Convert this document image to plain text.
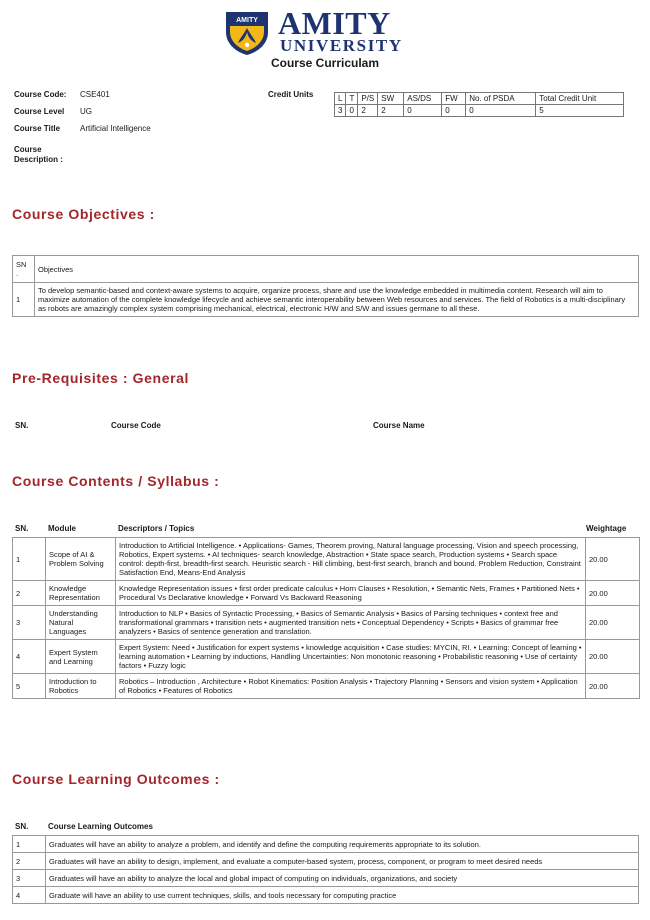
AMITY AMITY
UNIVERSITY
Course Curriculam
Course Code: CSE401
Course Level UG
Course Title Artificial Intelligence
Course
Description :
Credit Units	L	T	P/S	SW	AS/DS	FW	No. of PSDA	Total Credit Unit
3	0	2	2	0	0	0	5
Course Objectives :
SN
.	Objectives
1	To develop semantic-based and context-aware systems to acquire, organize process, share and use the knowledge embedded in multimedia content. Research will aim to maximize automation of the complete knowledge lifecycle and achieve semantic interoperability between Web resources and services. The field of Robotics is a multi-disciplinary as robots are amazingly complex system comprising mechanical, electrical, electronic H/W and S/W and issues germane to all these.
Pre-Requisites : General
SN.	Course Code	Course Name
Course Contents / Syllabus :
SN. Module	Descriptors / Topics	Weightage
1	Scope of AI & Problem Solving	Introduction to Artificial Intelligence. • Applications- Games, Theorem proving, Natural language processing, Vision and speech processing, Robotics, Expert systems. • AI techniques- search knowledge, Abstraction • State space search, Production systems • Search space control: depth-first, breadth-first search. Heuristic search - Hill climbing, best-first search, branch and bound. Problem Reduction, Constraint Satisfaction End, Means-End Analysis	20.00
2	Knowledge Representation	Knowledge Representation issues • first order predicate calculus • Horn Clauses • Resolution, • Semantic Nets, Frames • Partitioned Nets • Procedural Vs Declarative knowledge • Forward Vs Backward Reasoning	20.00
3	Understanding Natural Languages	Introduction to NLP • Basics of Syntactic Processing, • Basics of Semantic Analysis • Basics of Parsing techniques • context free and transformational grammars • transition nets • augmented transition nets • Conceptual Dependency • Scripts • Basics of grammar free analyzers • Basics of sentence generation and translation.	20.00
4	Expert System and Learning	Expert System: Need • Justification for expert systems • knowledge acquisition • Case studies: MYCIN, RI. • Learning: Concept of learning • learning automation • Learning by inductions, Handling Uncertainties: Non monotonic reasoning • Probabilistic reasoning • Use of certainty factors • Fuzzy logic	20.00
5	Introduction to Robotics	Robotics – Introduction , Architecture • Robot Kinematics: Position Analysis • Trajectory Planning • Sensors and vision system • Application of Robotics • Features of Robotics	20.00
Course Learning Outcomes :
SN. Course Learning Outcomes
1	Graduates will have an ability to analyze a problem, and identify and define the computing requirements appropriate to its solution.
2	Graduates will have an ability to design, implement, and evaluate a computer-based system, process, component, or program to meet desired needs
3	Graduates will have an ability to analyze the local and global impact of computing on individuals, organizations, and society
4	Graduate will have an ability to use current techniques, skills, and tools necessary for computing practice
